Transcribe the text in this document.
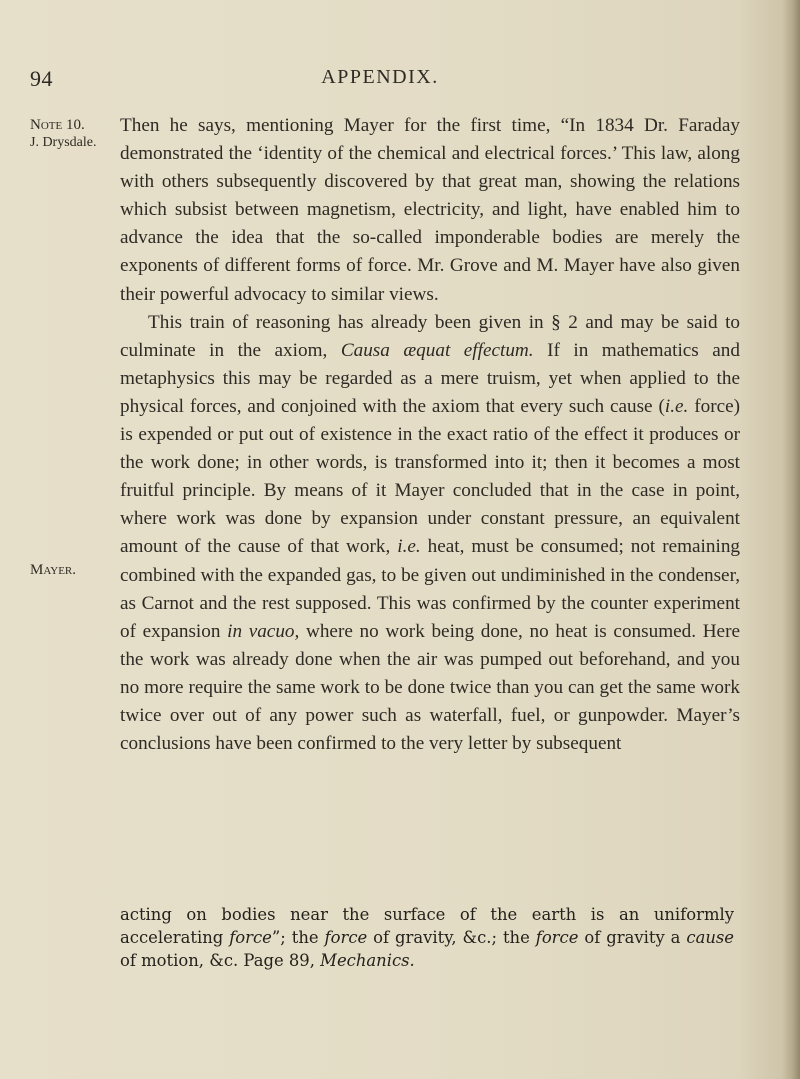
94	APPENDIX.
Note 10.
J. Drysdale.
Mayer.

Then he says, mentioning Mayer for the first time, “In 1834 Dr. Faraday demonstrated the ‘identity of the chemical and electrical forces.’ This law, along with others subsequently discovered by that great man, showing the relations which subsist between magnetism, electricity, and light, have enabled him to advance the idea that the so-called imponderable bodies are merely the exponents of different forms of force. Mr. Grove and M. Mayer have also given their powerful advocacy to similar views.

This train of reasoning has already been given in § 2 and may be said to culminate in the axiom, Causa æquat effectum. If in mathematics and metaphysics this may be regarded as a mere truism, yet when applied to the physical forces, and conjoined with the axiom that every such cause (i.e. force) is expended or put out of existence in the exact ratio of the effect it produces or the work done; in other words, is transformed into it; then it becomes a most fruitful principle. By means of it Mayer concluded that in the case in point, where work was done by expansion under constant pressure, an equivalent amount of the cause of that work, i.e. heat, must be consumed; not remaining combined with the expanded gas, to be given out undiminished in the condenser, as Carnot and the rest supposed. This was confirmed by the counter experiment of expansion in vacuo, where no work being done, no heat is consumed. Here the work was already done when the air was pumped out beforehand, and you no more require the same work to be done twice than you can get the same work twice over out of any power such as waterfall, fuel, or gunpowder. Mayer’s conclusions have been confirmed to the very letter by subsequent

acting on bodies near the surface of the earth is an uniformly accelerating force”; the force of gravity, &c.; the force of gravity a cause of motion, &c. Page 89, Mechanics.
